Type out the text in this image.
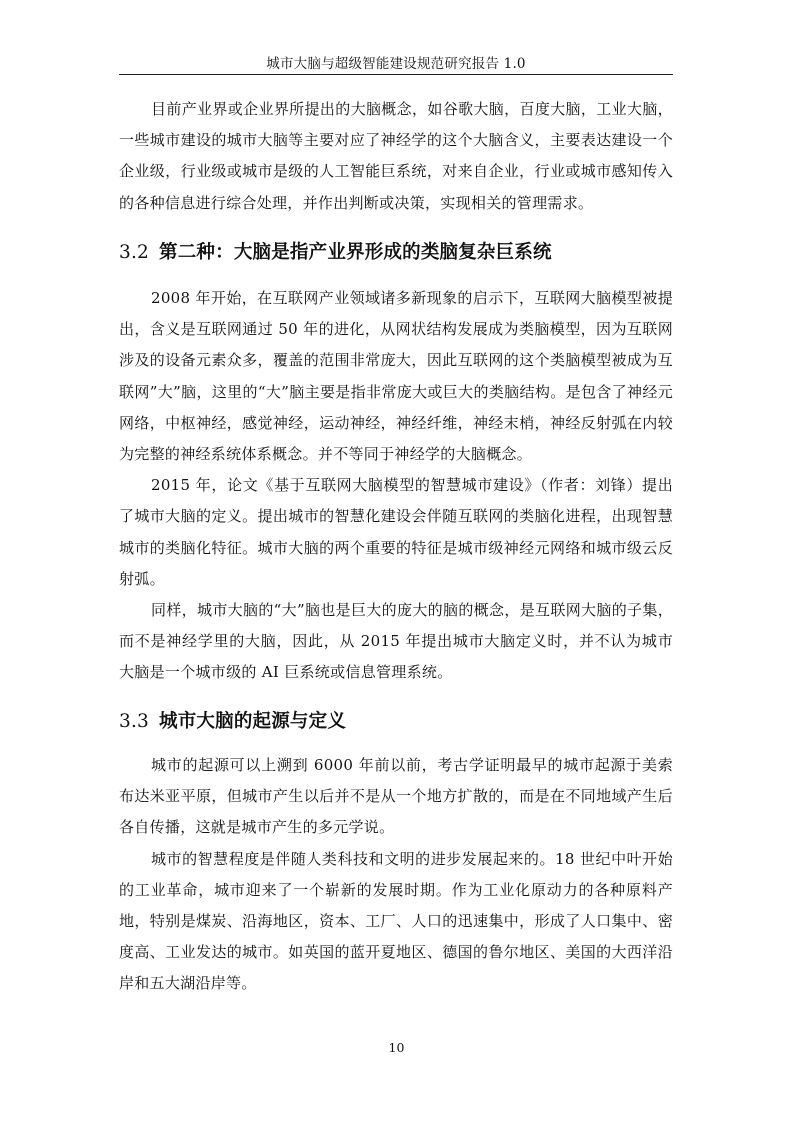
城市大脑与超级智能建设规范研究报告 1.0

目前产业界或企业界所提出的大脑概念，如谷歌大脑，百度大脑，工业大脑，一些城市建设的城市大脑等主要对应了神经学的这个大脑含义，主要表达建设一个企业级，行业级或城市是级的人工智能巨系统，对来自企业，行业或城市感知传入的各种信息进行综合处理，并作出判断或决策，实现相关的管理需求。

3.2 第二种：大脑是指产业界形成的类脑复杂巨系统

2008 年开始，在互联网产业领域诸多新现象的启示下，互联网大脑模型被提出，含义是互联网通过 50 年的进化，从网状结构发展成为类脑模型，因为互联网涉及的设备元素众多，覆盖的范围非常庞大，因此互联网的这个类脑模型被成为互联网”大”脑，这里的“大”脑主要是指非常庞大或巨大的类脑结构。是包含了神经元网络，中枢神经，感觉神经，运动神经，神经纤维，神经末梢，神经反射弧在内较为完整的神经系统体系概念。并不等同于神经学的大脑概念。

2015 年，论文《基于互联网大脑模型的智慧城市建设》（作者：刘锋）提出了城市大脑的定义。提出城市的智慧化建设会伴随互联网的类脑化进程，出现智慧城市的类脑化特征。城市大脑的两个重要的特征是城市级神经元网络和城市级云反射弧。

同样，城市大脑的“大”脑也是巨大的庞大的脑的概念，是互联网大脑的子集，而不是神经学里的大脑，因此，从 2015 年提出城市大脑定义时，并不认为城市大脑是一个城市级的 AI 巨系统或信息管理系统。

3.3 城市大脑的起源与定义

城市的起源可以上溯到 6000 年前以前，考古学证明最早的城市起源于美索布达米亚平原，但城市产生以后并不是从一个地方扩散的，而是在不同地域产生后各自传播，这就是城市产生的多元学说。

城市的智慧程度是伴随人类科技和文明的进步发展起来的。18 世纪中叶开始的工业革命，城市迎来了一个崭新的发展时期。作为工业化原动力的各种原料产地，特别是煤炭、沿海地区，资本、工厂、人口的迅速集中，形成了人口集中、密度高、工业发达的城市。如英国的蓝开夏地区、德国的鲁尔地区、美国的大西洋沿岸和五大湖沿岸等。

10
